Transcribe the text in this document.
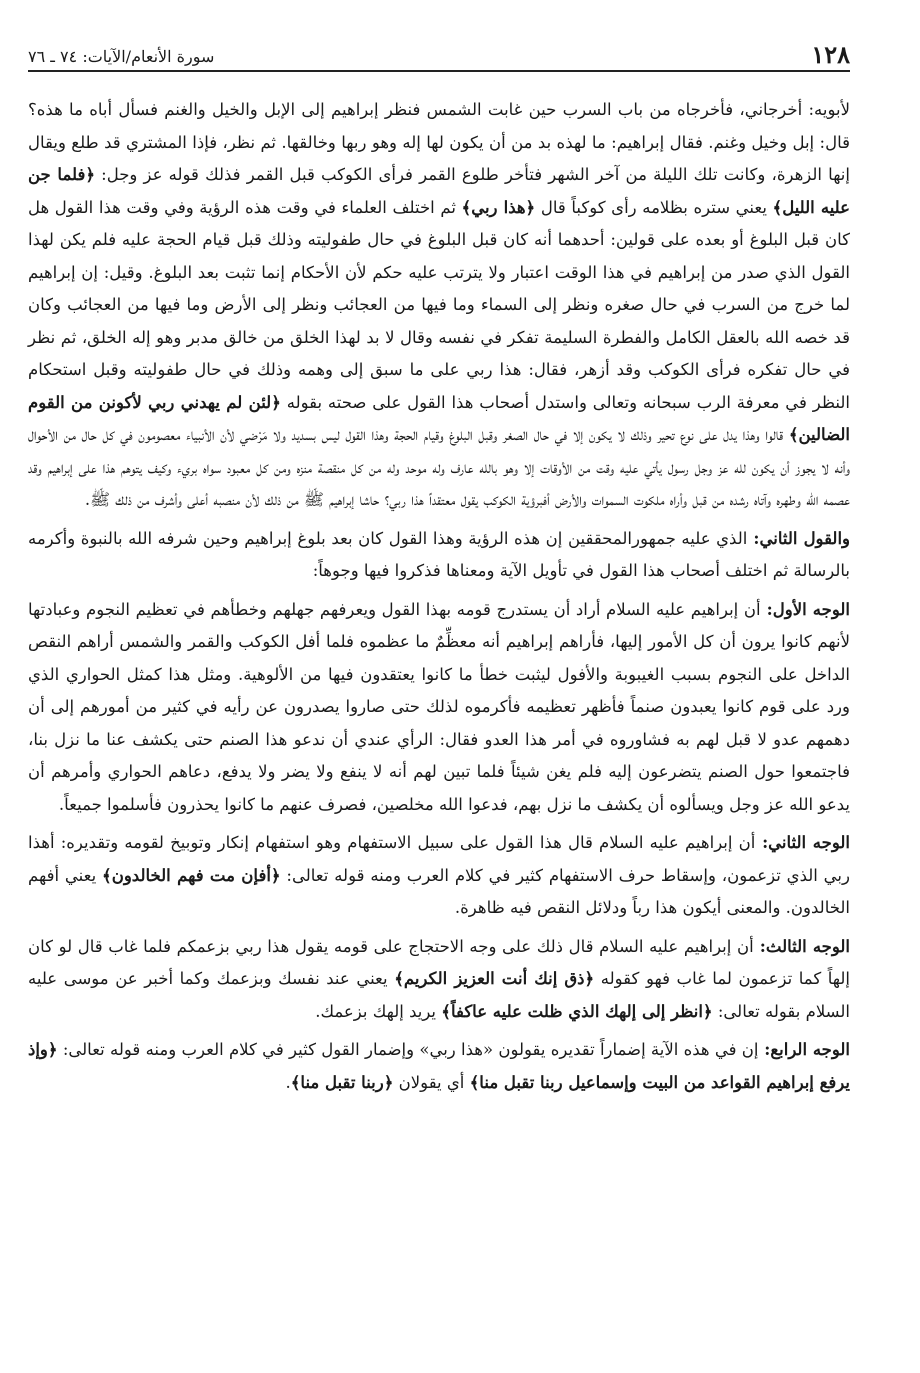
١٢٨
سورة الأنعام/الآيات: ٧٤ ـ ٧٦

لأبويه: أخرجاني، فأخرجاه من باب السرب حين غابت الشمس فنظر إبراهيم إلى الإبل والخيل والغنم فسأل أباه ما هذه؟ قال: إبل وخيل وغنم. فقال إبراهيم: ما لهذه بد من أن يكون لها إله وهو ربها وخالقها. ثم نظر، فإذا المشتري قد طلع ويقال إنها الزهرة، وكانت تلك الليلة من آخر الشهر فتأخر طلوع القمر فرأى الكوكب قبل القمر فذلك قوله عز وجل: ﴿فلما جن عليه الليل﴾ يعني ستره بظلامه رأى كوكباً قال ﴿هذا ربي﴾ ثم اختلف العلماء في وقت هذه الرؤية وفي وقت هذا القول هل كان قبل البلوغ أو بعده على قولين: أحدهما أنه كان قبل البلوغ في حال طفوليته وذلك قبل قيام الحجة عليه فلم يكن لهذا القول الذي صدر من إبراهيم في هذا الوقت اعتبار ولا يترتب عليه حكم لأن الأحكام إنما تثبت بعد البلوغ. وقيل: إن إبراهيم لما خرج من السرب في حال صغره ونظر إلى السماء وما فيها من العجائب ونظر إلى الأرض وما فيها من العجائب وكان قد خصه الله بالعقل الكامل والفطرة السليمة تفكر في نفسه وقال لا بد لهذا الخلق من خالق مدبر وهو إله الخلق، ثم نظر في حال تفكره فرأى الكوكب وقد أزهر، فقال: هذا ربي على ما سبق إلى وهمه وذلك في حال طفوليته وقبل استحكام النظر في معرفة الرب سبحانه وتعالى واستدل أصحاب هذا القول على صحته بقوله ﴿لئن لم يهدني ربي لأكونن من القوم الضالين﴾ قالوا وهذا يدل على نوع تحير وذلك لا يكون إلا في حال الصغر وقبل البلوغ وقيام الحجة وهذا القول ليس بسديد ولا مَرْضي لأن الأنبياء معصومون في كل حال من الأحوال وأنه لا يجوز أن يكون لله عز وجل رسول يأتي عليه وقت من الأوقات إلا وهو بالله عارف وله موحد وله من كل منقصة منزه ومن كل معبود سواه بريء وكيف يتوهم هذا على إبراهيم وقد عصمه الله وطهره وآتاه رشده من قبل وأراه ملكوت السموات والأرض أفبرؤية الكوكب يقول معتقداً هذا ربي؟ حاشا إبراهيم ﷺ من ذلك لأن منصبه أعلى وأشرف من ذلك ﷺ.

والقول الثاني: الذي عليه جمهورالمحققين إن هذه الرؤية وهذا القول كان بعد بلوغ إبراهيم وحين شرفه الله بالنبوة وأكرمه بالرسالة ثم اختلف أصحاب هذا القول في تأويل الآية ومعناها فذكروا فيها وجوهاً:

الوجه الأول: أن إبراهيم عليه السلام أراد أن يستدرج قومه بهذا القول ويعرفهم جهلهم وخطأهم في تعظيم النجوم وعبادتها لأنهم كانوا يرون أن كل الأمور إليها، فأراهم إبراهيم أنه معظِّمٌ ما عظموه فلما أفل الكوكب والقمر والشمس أراهم النقص الداخل على النجوم بسبب الغيبوبة والأفول ليثبت خطأ ما كانوا يعتقدون فيها من الألوهية. ومثل هذا كمثل الحواري الذي ورد على قوم كانوا يعبدون صنماً فأظهر تعظيمه فأكرموه لذلك حتى صاروا يصدرون عن رأيه في كثير من أمورهم إلى أن دهمهم عدو لا قبل لهم به فشاوروه في أمر هذا العدو فقال: الرأي عندي أن ندعو هذا الصنم حتى يكشف عنا ما نزل بنا، فاجتمعوا حول الصنم يتضرعون إليه فلم يغن شيئاً فلما تبين لهم أنه لا ينفع ولا يضر ولا يدفع، دعاهم الحواري وأمرهم أن يدعو الله عز وجل ويسألوه أن يكشف ما نزل بهم، فدعوا الله مخلصين، فصرف عنهم ما كانوا يحذرون فأسلموا جميعاً.

الوجه الثاني: أن إبراهيم عليه السلام قال هذا القول على سبيل الاستفهام وهو استفهام إنكار وتوبيخ لقومه وتقديره: أهذا ربي الذي تزعمون، وإسقاط حرف الاستفهام كثير في كلام العرب ومنه قوله تعالى: ﴿أفإن مت فهم الخالدون﴾ يعني أفهم الخالدون. والمعنى أيكون هذا رباً ودلائل النقص فيه ظاهرة.

الوجه الثالث: أن إبراهيم عليه السلام قال ذلك على وجه الاحتجاج على قومه يقول هذا ربي بزعمكم فلما غاب قال لو كان إلهاً كما تزعمون لما غاب فهو كقوله ﴿ذق إنك أنت العزيز الكريم﴾ يعني عند نفسك وبزعمك وكما أخبر عن موسى عليه السلام بقوله تعالى: ﴿انظر إلى إلهك الذي ظلت عليه عاكفاً﴾ يريد إلهك بزعمك.

الوجه الرابع: إن في هذه الآية إضماراً تقديره يقولون «هذا ربي» وإضمار القول كثير في كلام العرب ومنه قوله تعالى: ﴿وإذ يرفع إبراهيم القواعد من البيت وإسماعيل ربنا تقبل منا﴾ أي يقولان ﴿ربنا تقبل منا﴾.
